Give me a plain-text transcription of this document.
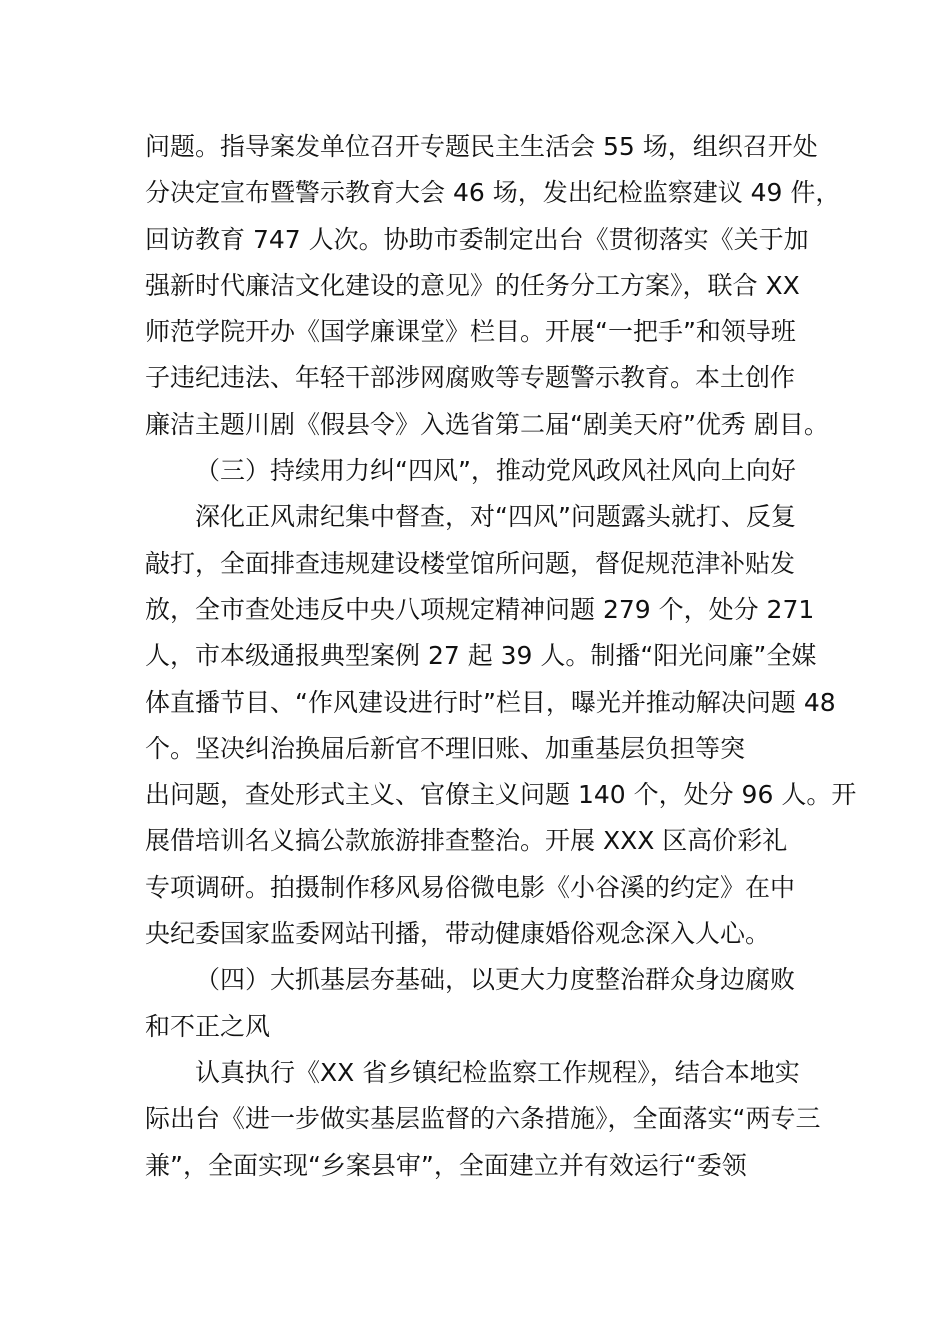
问题。指导案发单位召开专题民主生活会 55 场，组织召开处
分决定宣布暨警示教育大会 46 场，发出纪检监察建议 49 件，
回访教育 747 人次。协助市委制定出台《贯彻落实《关于加
强新时代廉洁文化建设的意见》的任务分工方案》，联合 XX
师范学院开办《国学廉课堂》栏目。开展“一把手”和领导班
子违纪违法、年轻干部涉网腐败等专题警示教育。本土创作
廉洁主题川剧《假县令》入选省第二届“剧美天府”优秀 剧目。
（三）持续用力纠“四风”，推动党风政风社风向上向好
深化正风肃纪集中督查，对“四风”问题露头就打、反复
敲打，全面排查违规建设楼堂馆所问题，督促规范津补贴发
放，全市查处违反中央八项规定精神问题 279 个，处分 271
人，市本级通报典型案例 27 起 39 人。制播“阳光问廉”全媒
体直播节目、“作风建设进行时”栏目，曝光并推动解决问题 48
个。坚决纠治换届后新官不理旧账、加重基层负担等突
出问题，查处形式主义、官僚主义问题 140 个，处分 96 人。开
展借培训名义搞公款旅游排查整治。开展 XXX 区高价彩礼
专项调研。拍摄制作移风易俗微电影《小谷溪的约定》在中
央纪委国家监委网站刊播，带动健康婚俗观念深入人心。
（四）大抓基层夯基础，以更大力度整治群众身边腐败
和不正之风
认真执行《XX 省乡镇纪检监察工作规程》，结合本地实
际出台《进一步做实基层监督的六条措施》，全面落实“两专三
兼”，全面实现“乡案县审”，全面建立并有效运行“委领
